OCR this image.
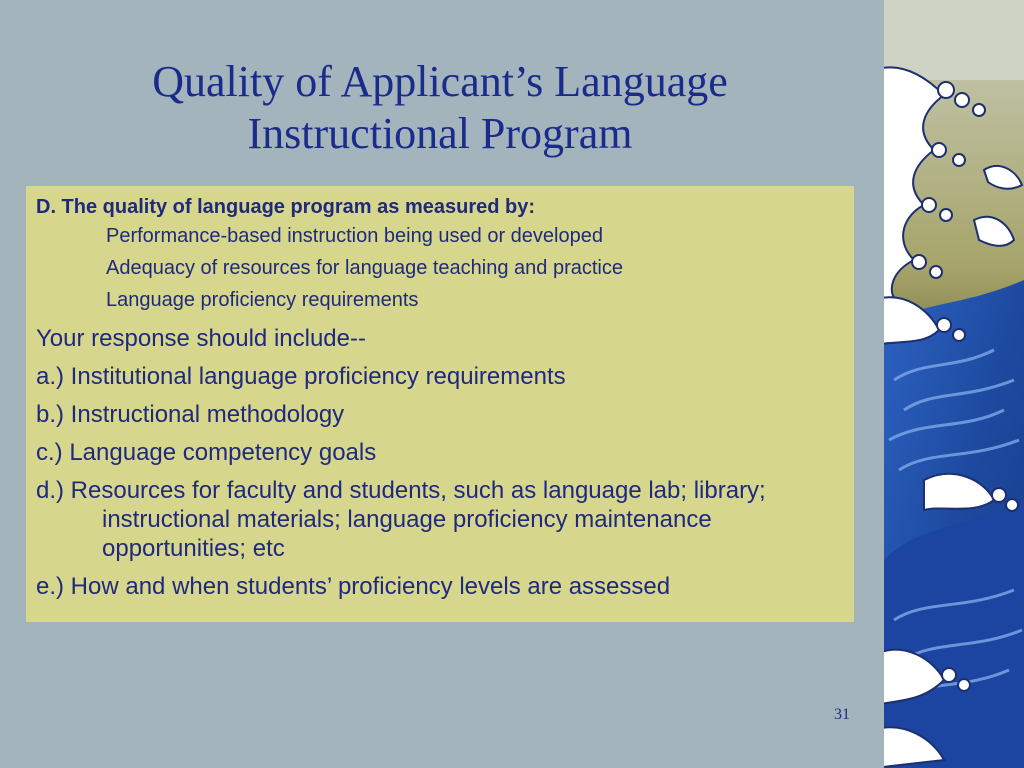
Quality of Applicant’s Language
Instructional Program
D. The quality of language program as measured by:
Performance-based instruction being used or developed
Adequacy of resources for language teaching and practice
Language proficiency requirements
Your response should include--
a.) Institutional language proficiency requirements
b.) Instructional methodology
c.) Language competency goals
d.) Resources for faculty and students, such as language lab; library; instructional materials; language proficiency maintenance opportunities; etc
e.) How and when students’ proficiency levels are assessed
31
